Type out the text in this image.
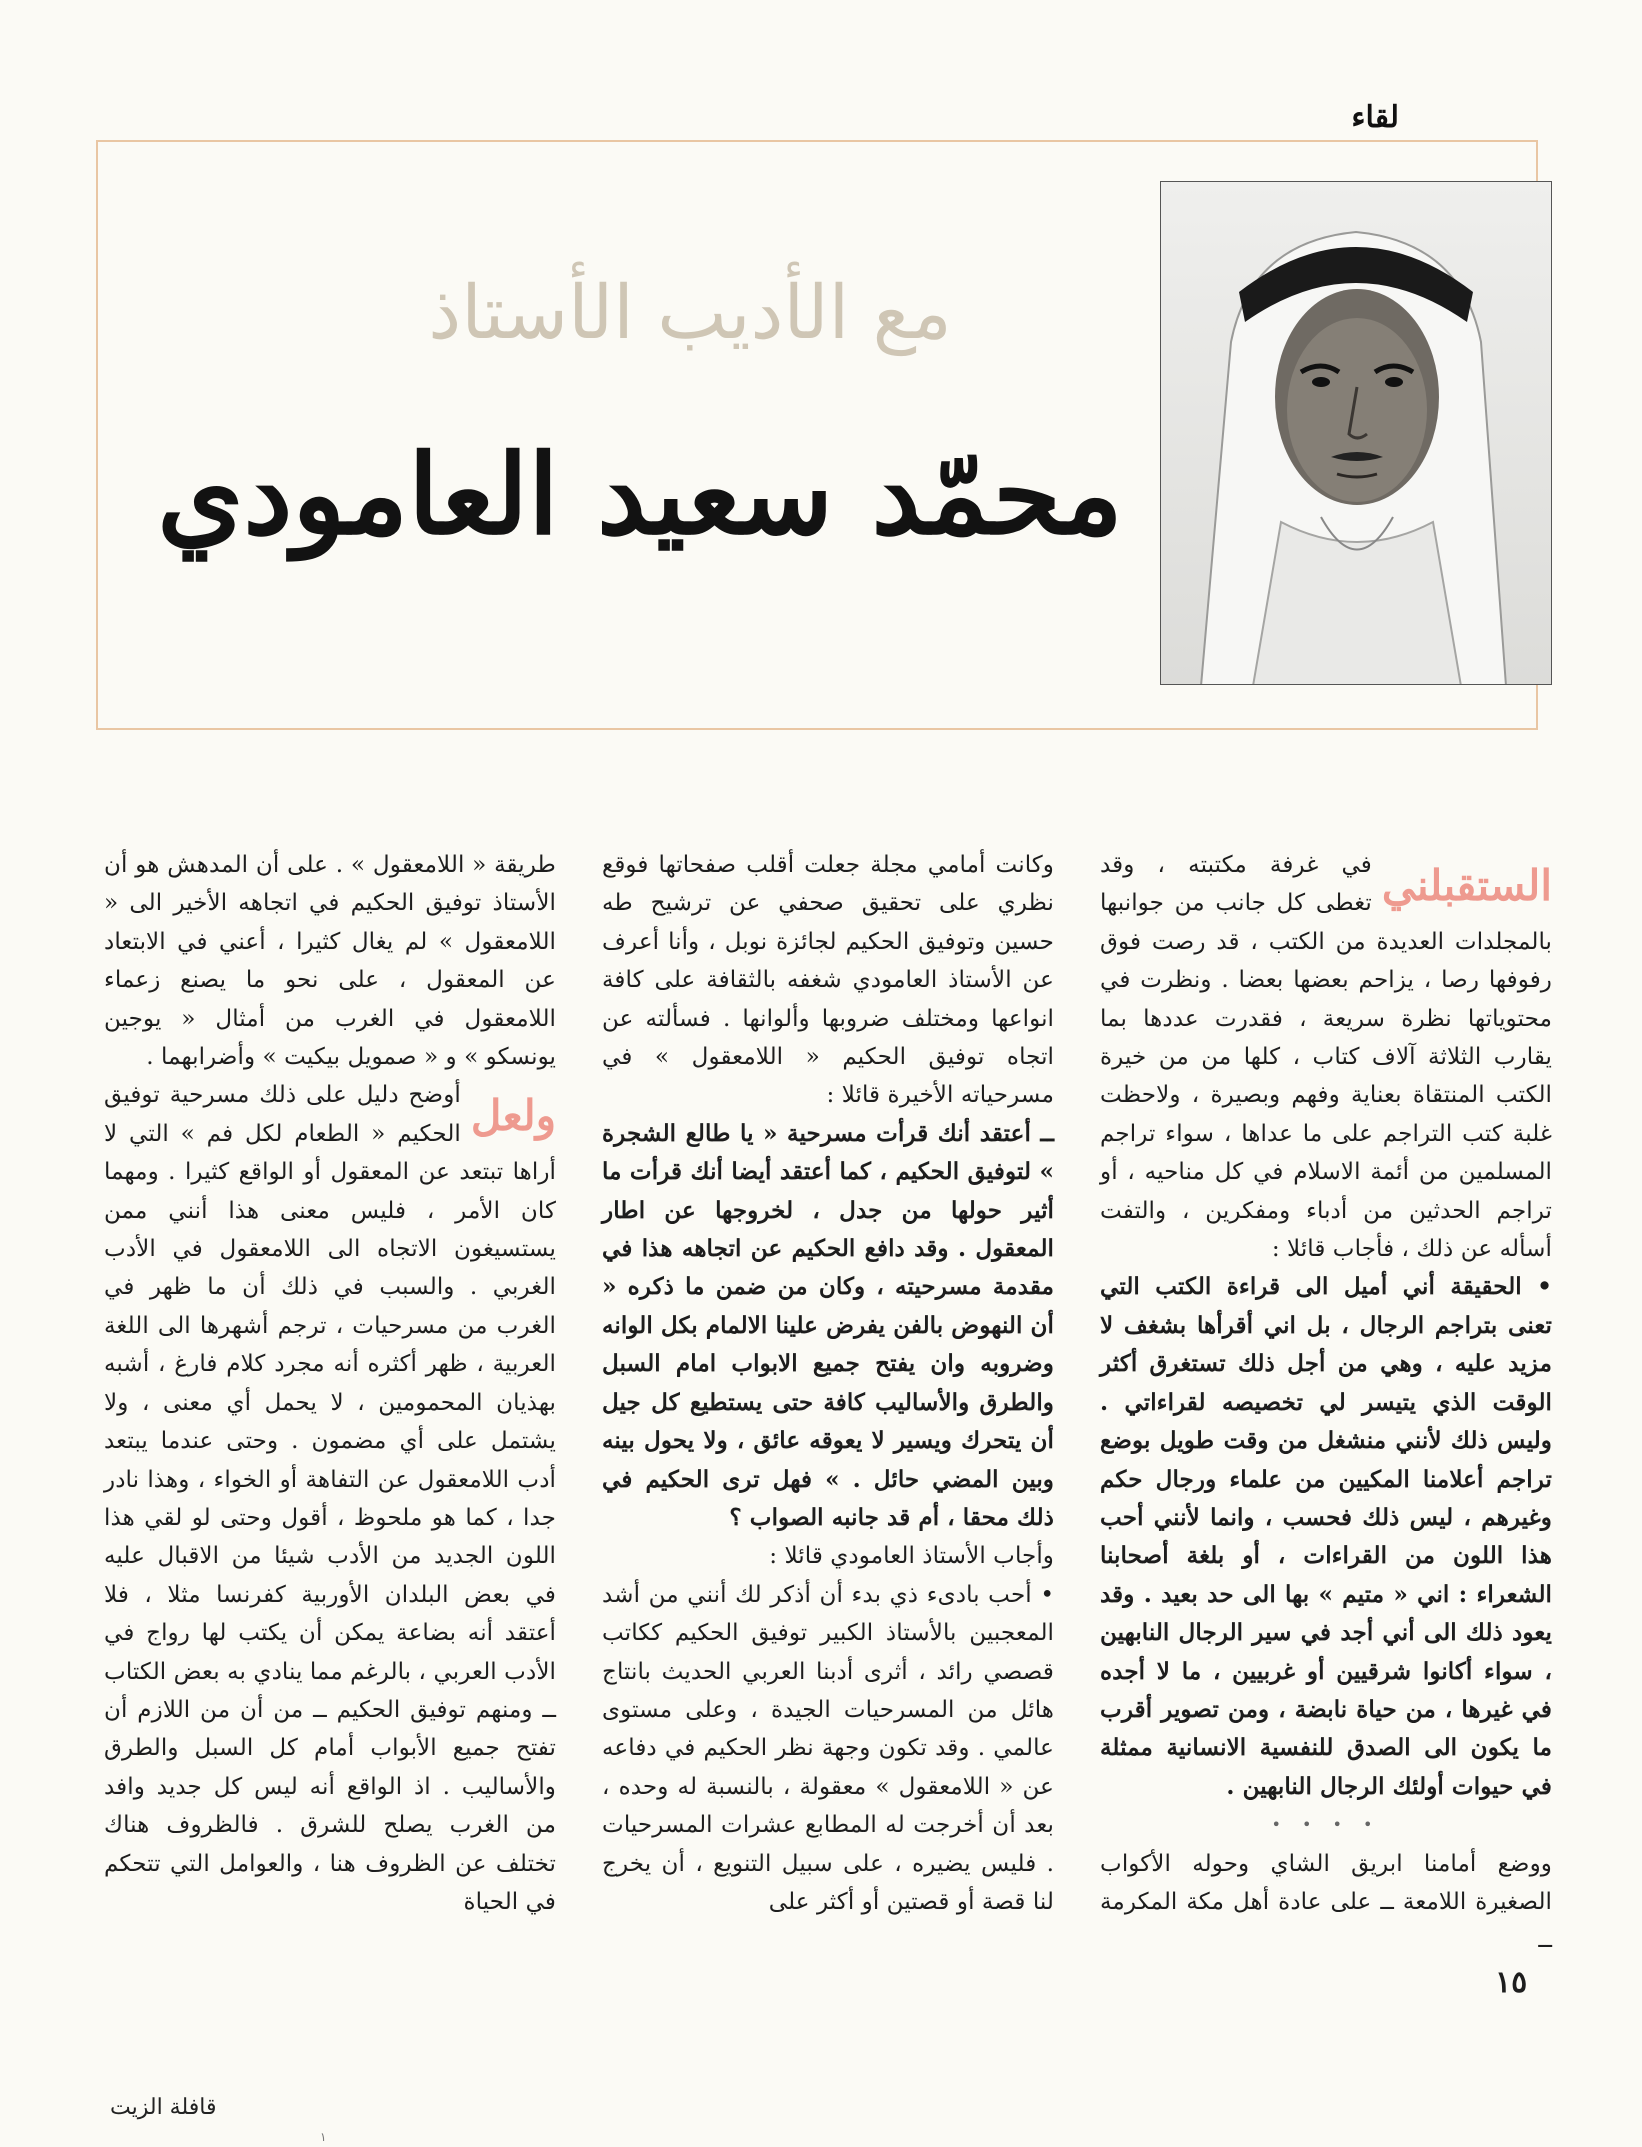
لقاء
مع الأديب الأستاذ
محمّد سعيد العامودي

الستقبلني
في غرفة مكتبته ، وقد تغطى كل جانب من جوانبها بالمجلدات العديدة من الكتب ، قد رصت فوق رفوفها رصا ، يزاحم بعضها بعضا . ونظرت في محتوياتها نظرة سريعة ، فقدرت عددها بما يقارب الثلاثة آلاف كتاب ، كلها من من خيرة الكتب المنتقاة بعناية وفهم وبصيرة ، ولاحظت غلبة كتب التراجم على ما عداها ، سواء تراجم المسلمين من أئمة الاسلام في كل مناحيه ، أو تراجم الحدثين من أدباء ومفكرين ، والتفت أسأله عن ذلك ، فأجاب قائلا :

• الحقيقة أني أميل الى قراءة الكتب التي تعنى بتراجم الرجال ، بل اني أقرأها بشغف لا مزيد عليه ، وهي من أجل ذلك تستغرق أكثر الوقت الذي يتيسر لي تخصيصه لقراءاتي . وليس ذلك لأنني منشغل من وقت طويل بوضع تراجم أعلامنا المكيين من علماء ورجال حكم وغيرهم ، ليس ذلك فحسب ، وانما لأنني أحب هذا اللون من القراءات ، أو بلغة أصحابنا الشعراء : اني « متيم » بها الى حد بعيد . وقد يعود ذلك الى أني أجد في سير الرجال النابهين ، سواء أكانوا شرقيين أو غربيين ، ما لا أجده في غيرها ، من حياة نابضة ، ومن تصوير أقرب ما يكون الى الصدق للنفسية الانسانية ممثلة في حيوات أولئك الرجال النابهين .

• • • •

ووضع أمامنا ابريق الشاي وحوله الأكواب الصغيرة اللامعة ــ على عادة أهل مكة المكرمة ــ

وكانت أمامي مجلة جعلت أقلب صفحاتها فوقع نظري على تحقيق صحفي عن ترشيح طه حسين وتوفيق الحكيم لجائزة نوبل ، وأنا أعرف عن الأستاذ العامودي شغفه بالثقافة على كافة انواعها ومختلف ضروبها وألوانها . فسألته عن اتجاه توفيق الحكيم « اللامعقول » في مسرحياته الأخيرة قائلا :

ــ أعتقد أنك قرأت مسرحية « يا طالع الشجرة » لتوفيق الحكيم ، كما أعتقد أيضا أنك قرأت ما أثير حولها من جدل ، لخروجها عن اطار المعقول . وقد دافع الحكيم عن اتجاهه هذا في مقدمة مسرحيته ، وكان من ضمن ما ذكره « أن النهوض بالفن يفرض علينا الالمام بكل الوانه وضروبه وان يفتح جميع الابواب امام السبل والطرق والأساليب كافة حتى يستطيع كل جيل أن يتحرك ويسير لا يعوقه عائق ، ولا يحول بينه وبين المضي حائل . » فهل ترى الحكيم في ذلك محقا ، أم قد جانبه الصواب ؟

وأجاب الأستاذ العامودي قائلا :

• أحب بادىء ذي بدء أن أذكر لك أنني من أشد المعجبين بالأستاذ الكبير توفيق الحكيم ككاتب قصصي رائد ، أثرى أدبنا العربي الحديث بانتاج هائل من المسرحيات الجيدة ، وعلى مستوى عالمي . وقد تكون وجهة نظر الحكيم في دفاعه عن « اللامعقول » معقولة ، بالنسبة له وحده ، بعد أن أخرجت له المطابع عشرات المسرحيات . فليس يضيره ، على سبيل التنويع ، أن يخرج لنا قصة أو قصتين أو أكثر على

طريقة « اللامعقول » . على أن المدهش هو أن الأستاذ توفيق الحكيم في اتجاهه الأخير الى « اللامعقول » لم يغال كثيرا ، أعني في الابتعاد عن المعقول ، على نحو ما يصنع زعماء اللامعقول في الغرب من أمثال « يوجين يونسكو » و « صمويل بيكيت » وأضرابهما .

ولعل
أوضح دليل على ذلك مسرحية توفيق الحكيم « الطعام لكل فم » التي لا أراها تبتعد عن المعقول أو الواقع كثيرا . ومهما كان الأمر ، فليس معنى هذا أنني ممن يستسيغون الاتجاه الى اللامعقول في الأدب الغربي . والسبب في ذلك أن ما ظهر في الغرب من مسرحيات ، ترجم أشهرها الى اللغة العربية ، ظهر أكثره أنه مجرد كلام فارغ ، أشبه بهذيان المحمومين ، لا يحمل أي معنى ، ولا يشتمل على أي مضمون . وحتى عندما يبتعد أدب اللامعقول عن التفاهة أو الخواء ، وهذا نادر جدا ، كما هو ملحوظ ، أقول وحتى لو لقي هذا اللون الجديد من الأدب شيئا من الاقبال عليه في بعض البلدان الأوربية كفرنسا مثلا ، فلا أعتقد أنه بضاعة يمكن أن يكتب لها رواج في الأدب العربي ، بالرغم مما ينادي به بعض الكتاب ــ ومنهم توفيق الحكيم ــ من أن من اللازم أن تفتح جميع الأبواب أمام كل السبل والطرق والأساليب . اذ الواقع أنه ليس كل جديد وافد من الغرب يصلح للشرق . فالظروف هناك تختلف عن الظروف هنا ، والعوامل التي تتحكم في الحياة

١٥
قافلة الزيت
١
